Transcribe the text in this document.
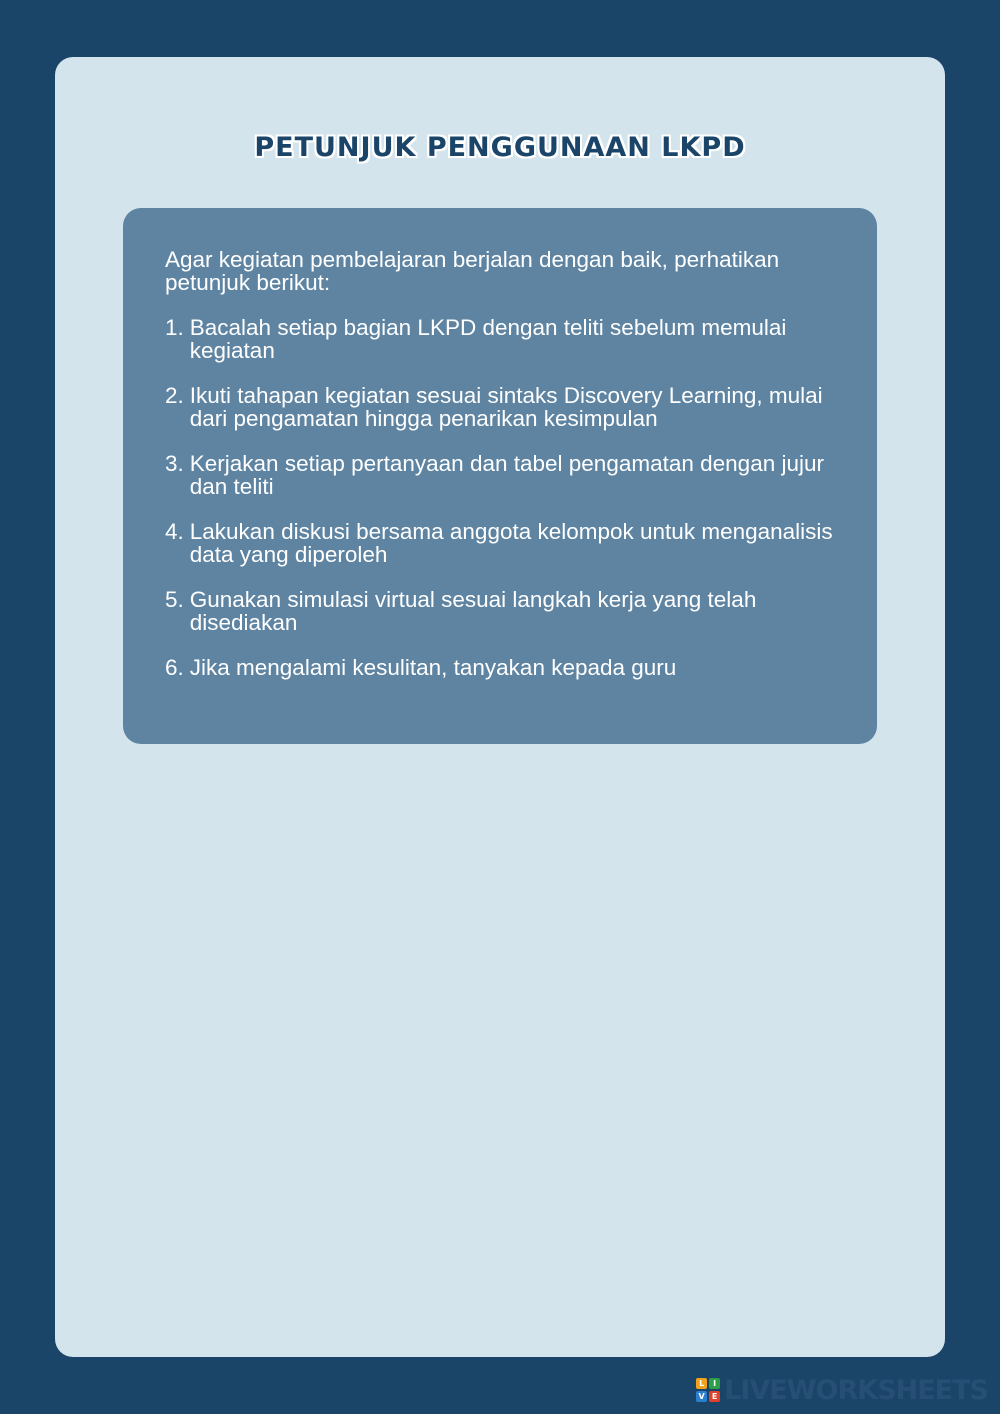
PETUNJUK PENGGUNAAN LKPD

Agar kegiatan pembelajaran berjalan dengan baik, perhatikan petunjuk berikut:

1. Bacalah setiap bagian LKPD dengan teliti sebelum memulai kegiatan
2. Ikuti tahapan kegiatan sesuai sintaks Discovery Learning, mulai dari pengamatan hingga penarikan kesimpulan
3. Kerjakan setiap pertanyaan dan tabel pengamatan dengan jujur dan teliti
4. Lakukan diskusi bersama anggota kelompok untuk menganalisis data yang diperoleh
5. Gunakan simulasi virtual sesuai langkah kerja yang telah disediakan
6. Jika mengalami kesulitan, tanyakan kepada guru
L	I
V E LIVEWORKSHEETS
